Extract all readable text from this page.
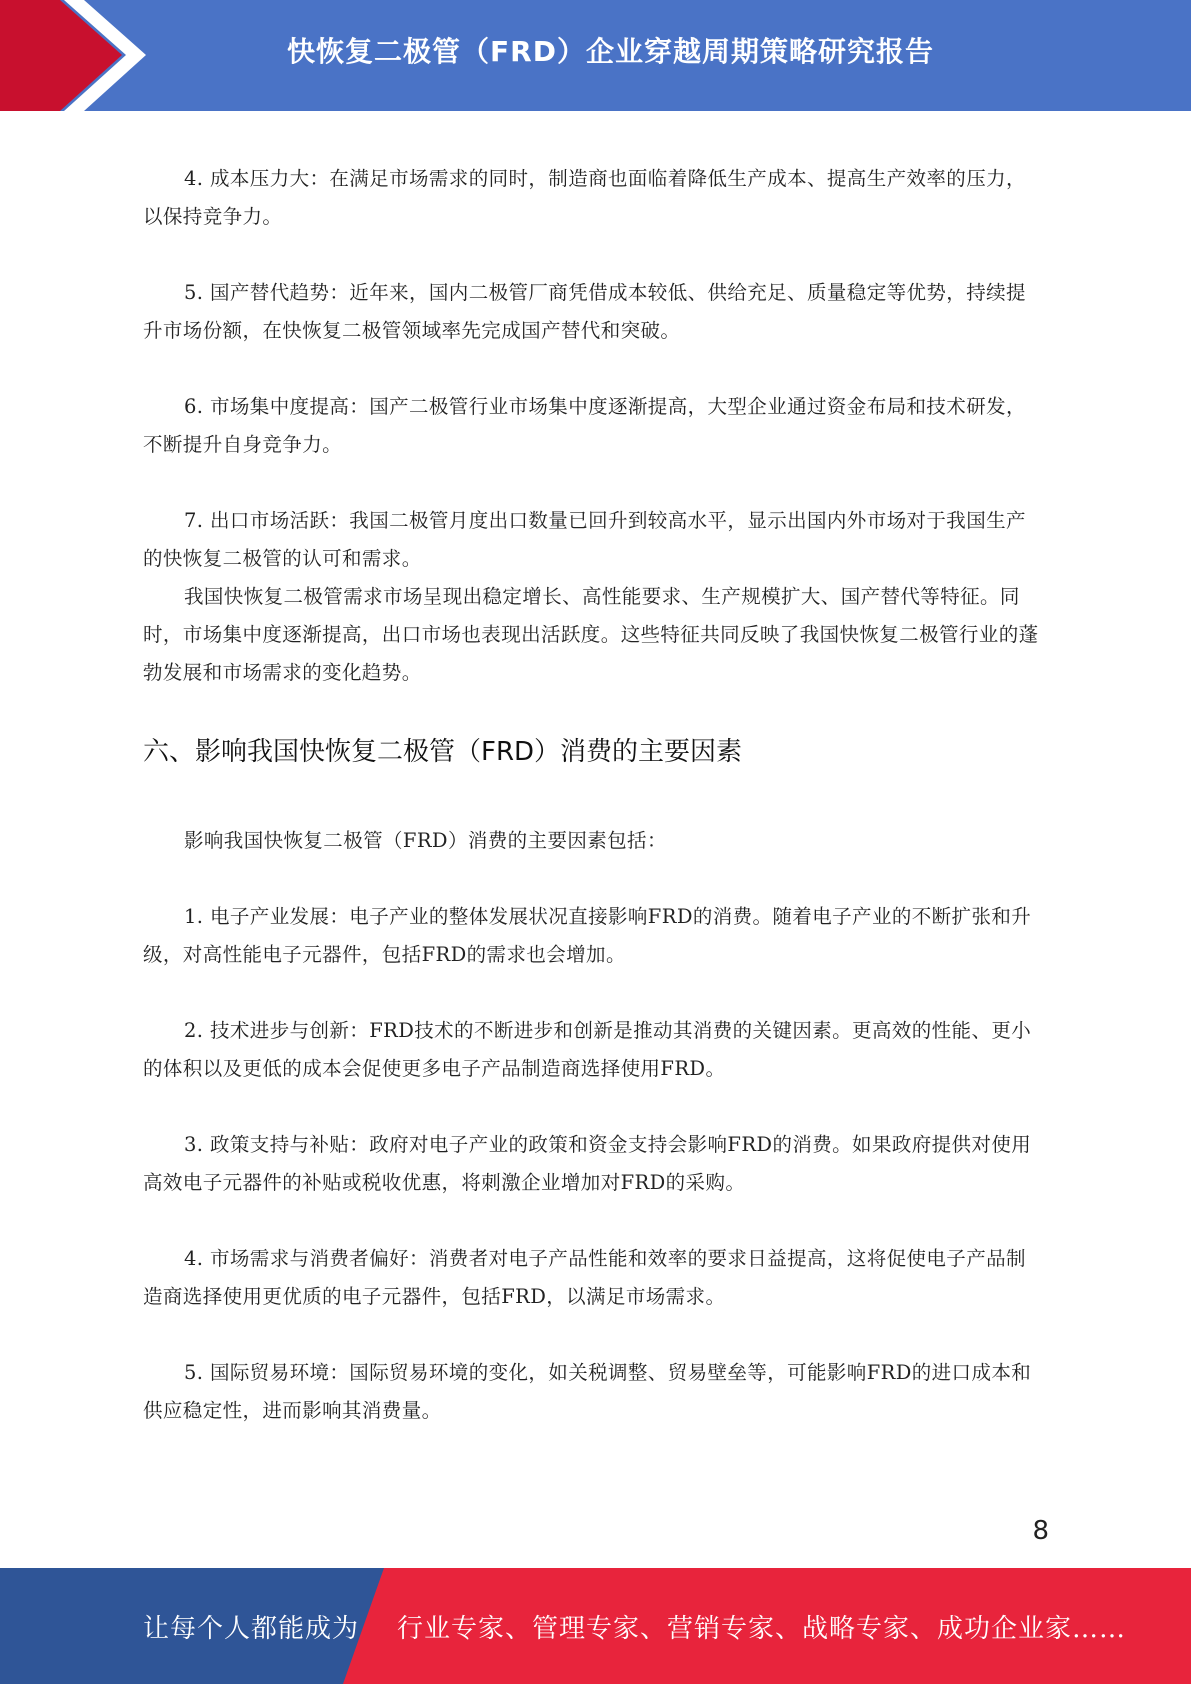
快恢复二极管（FRD）企业穿越周期策略研究报告

4. 成本压力大：在满足市场需求的同时，制造商也面临着降低生产成本、提高生产效率的压力，以保持竞争力。

5. 国产替代趋势：近年来，国内二极管厂商凭借成本较低、供给充足、质量稳定等优势，持续提升市场份额，在快恢复二极管领域率先完成国产替代和突破。

6. 市场集中度提高：国产二极管行业市场集中度逐渐提高，大型企业通过资金布局和技术研发，不断提升自身竞争力。

7. 出口市场活跃：我国二极管月度出口数量已回升到较高水平，显示出国内外市场对于我国生产的快恢复二极管的认可和需求。

我国快恢复二极管需求市场呈现出稳定增长、高性能要求、生产规模扩大、国产替代等特征。同时，市场集中度逐渐提高，出口市场也表现出活跃度。这些特征共同反映了我国快恢复二极管行业的蓬勃发展和市场需求的变化趋势。

六、影响我国快恢复二极管（FRD）消费的主要因素

影响我国快恢复二极管（FRD）消费的主要因素包括：

1. 电子产业发展：电子产业的整体发展状况直接影响FRD的消费。随着电子产业的不断扩张和升级，对高性能电子元器件，包括FRD的需求也会增加。

2. 技术进步与创新：FRD技术的不断进步和创新是推动其消费的关键因素。更高效的性能、更小的体积以及更低的成本会促使更多电子产品制造商选择使用FRD。

3. 政策支持与补贴：政府对电子产业的政策和资金支持会影响FRD的消费。如果政府提供对使用高效电子元器件的补贴或税收优惠，将刺激企业增加对FRD的采购。

4. 市场需求与消费者偏好：消费者对电子产品性能和效率的要求日益提高，这将促使电子产品制造商选择使用更优质的电子元器件，包括FRD，以满足市场需求。

5. 国际贸易环境：国际贸易环境的变化，如关税调整、贸易壁垒等，可能影响FRD的进口成本和供应稳定性，进而影响其消费量。

8
让每个人都能成为 行业专家、管理专家、营销专家、战略专家、成功企业家……
